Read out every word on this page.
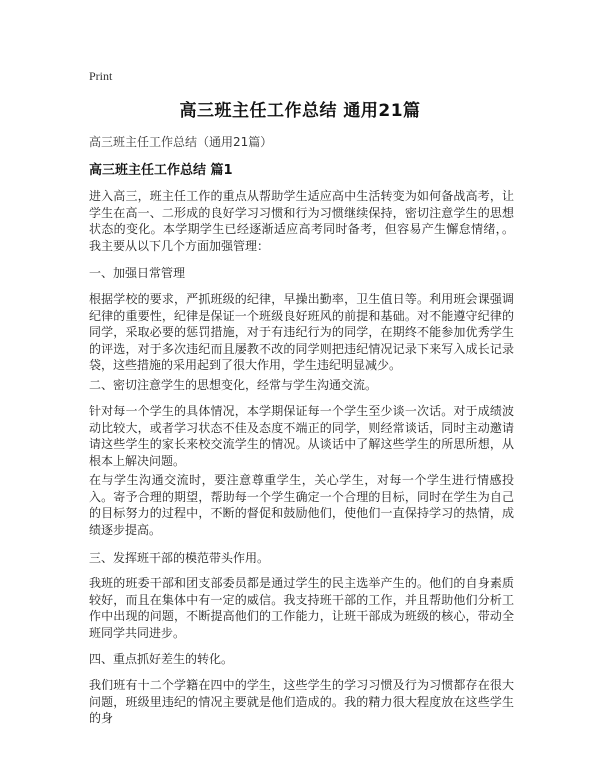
Print
高三班主任工作总结 通用21篇
高三班主任工作总结（通用21篇）
高三班主任工作总结 篇1
进入高三，班主任工作的重点从帮助学生适应高中生活转变为如何备战高考，让学生在高一、二形成的良好学习习惯和行为习惯继续保持，密切注意学生的思想状态的变化。本学期学生已经逐渐适应高考同时备考，但容易产生懈怠情绪，。我主要从以下几个方面加强管理：
一、加强日常管理
根据学校的要求，严抓班级的纪律，早操出勤率，卫生值日等。利用班会课强调纪律的重要性，纪律是保证一个班级良好班风的前提和基础。对不能遵守纪律的同学，采取必要的惩罚措施，对于有违纪行为的同学，在期终不能参加优秀学生的评选，对于多次违纪而且屡教不改的同学则把违纪情况记录下来写入成长记录袋，这些措施的采用起到了很大作用，学生违纪明显减少。
二、密切注意学生的思想变化，经常与学生沟通交流。
针对每一个学生的具体情况，本学期保证每一个学生至少谈一次话。对于成绩波动比较大，或者学习状态不佳及态度不端正的同学，则经常谈话，同时主动邀请请这些学生的家长来校交流学生的情况。从谈话中了解这些学生的所思所想，从根本上解决问题。
在与学生沟通交流时，要注意尊重学生，关心学生，对每一个学生进行情感投入。寄予合理的期望，帮助每一个学生确定一个合理的目标，同时在学生为自己的目标努力的过程中，不断的督促和鼓励他们，使他们一直保持学习的热情，成绩逐步提高。
三、发挥班干部的模范带头作用。
我班的班委干部和团支部委员都是通过学生的民主选举产生的。他们的自身素质较好，而且在集体中有一定的威信。我支持班干部的工作，并且帮助他们分析工作中出现的问题，不断提高他们的工作能力，让班干部成为班级的核心，带动全班同学共同进步。
四、重点抓好差生的转化。
我们班有十二个学籍在四中的学生，这些学生的学习习惯及行为习惯都存在很大问题，班级里违纪的情况主要就是他们造成的。我的精力很大程度放在这些学生的身
